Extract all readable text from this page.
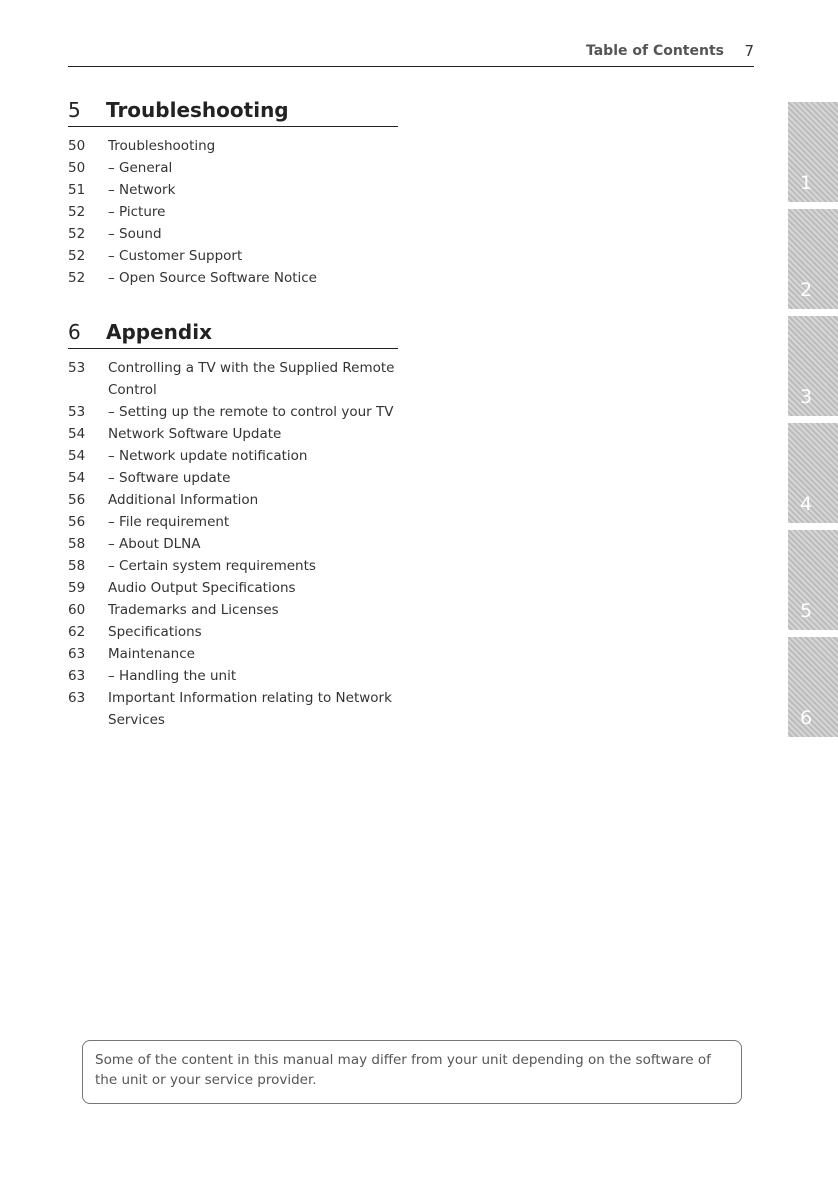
Table of Contents 7
5 Troubleshooting
50	Troubleshooting
50	– General
51	– Network
52	– Picture
52	– Sound
52	– Customer Support
52	– Open Source Software Notice
6 Appendix
53	Controlling a TV with the Supplied Remote Control
53	– Setting up the remote to control your TV
54	Network Software Update
54	– Network update notification
54	– Software update
56	Additional Information
56	– File requirement
58	– About DLNA
58	– Certain system requirements
59	Audio Output Specifications
60	Trademarks and Licenses
62	Specifications
63	Maintenance
63	– Handling the unit
63	Important Information relating to Network Services
1
2
3
4
5
6
Some of the content in this manual may differ from your unit depending on the software of the unit or your service provider.
